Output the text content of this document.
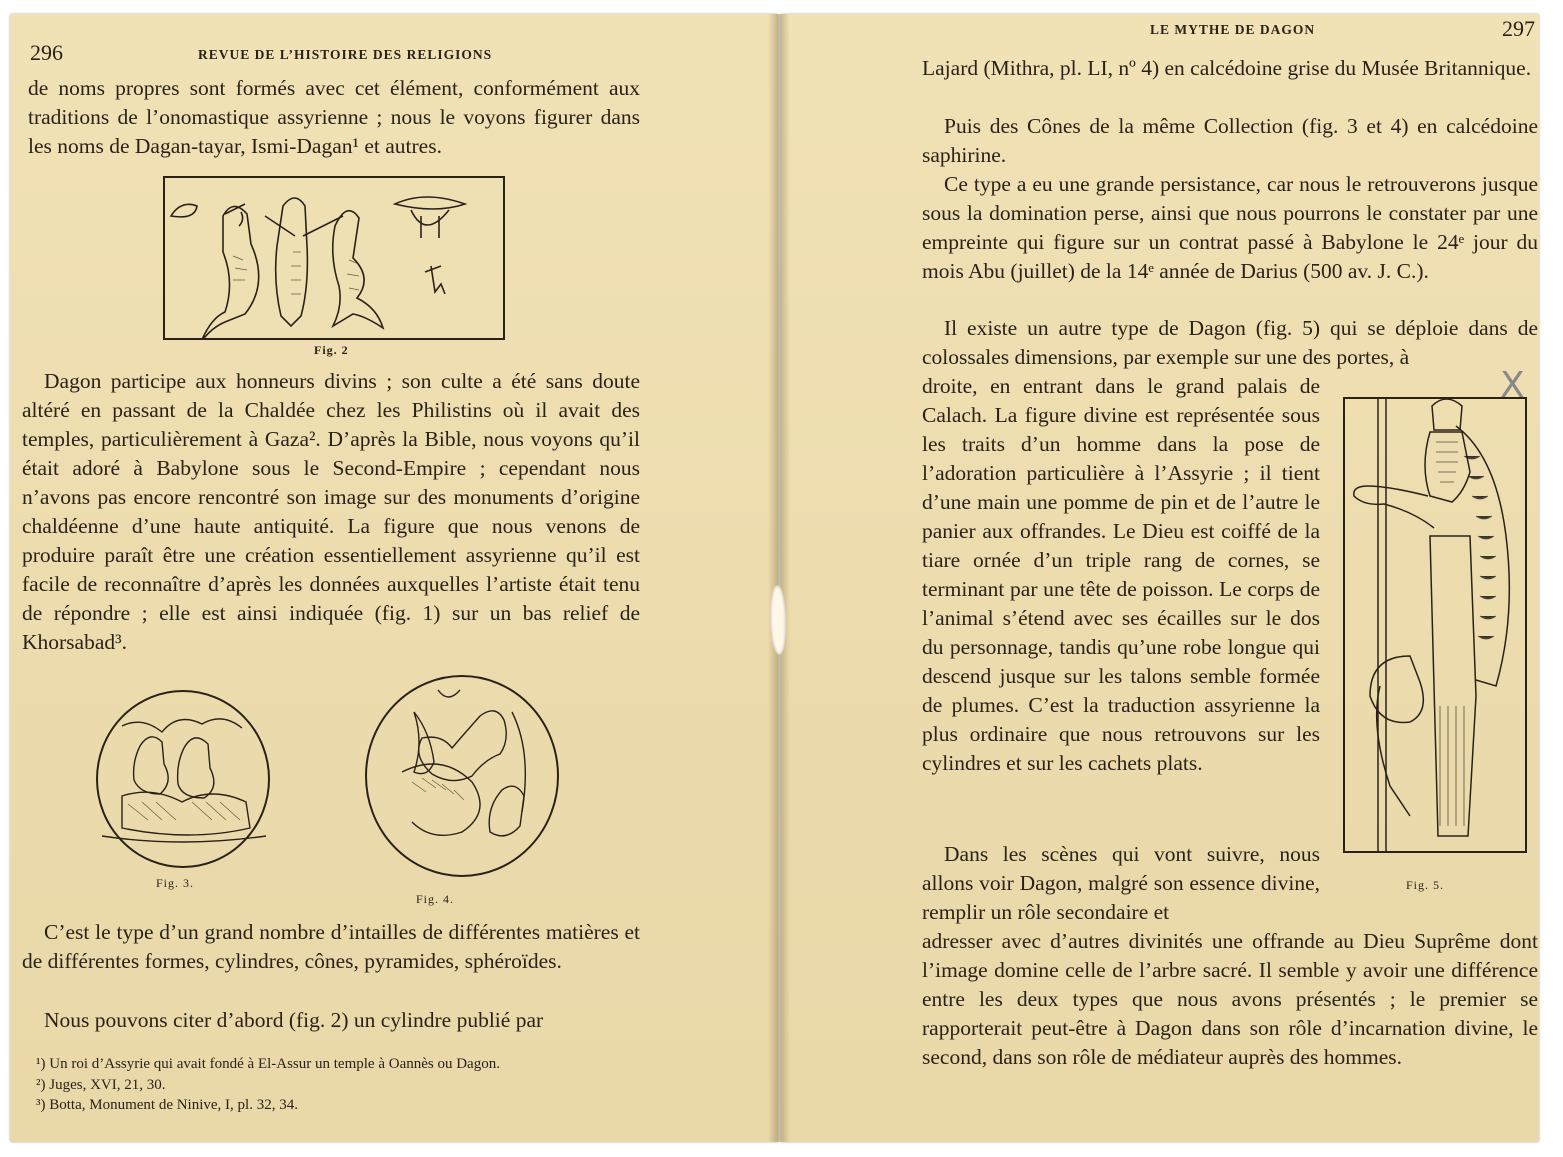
296	REVUE DE L’HISTOIRE DES RELIGIONS

de noms propres sont formés avec cet élément, conformément aux traditions de l’onomastique assyrienne ; nous le voyons figurer dans les noms de Dagan-tayar, Ismi-Dagan¹ et autres.

Fig. 2

Dagon participe aux honneurs divins ; son culte a été sans doute altéré en passant de la Chaldée chez les Philistins où il avait des temples, particulièrement à Gaza². D’après la Bible, nous voyons qu’il était adoré à Babylone sous le Second-Empire ; cependant nous n’avons pas encore rencontré son image sur des monuments d’origine chaldéenne d’une haute antiquité. La figure que nous venons de produire paraît être une création essentiellement assyrienne qu’il est facile de reconnaître d’après les données auxquelles l’artiste était tenu de répondre ; elle est ainsi indiquée (fig. 1) sur un bas relief de Khorsabad³.

Fig. 3.
Fig. 4.

C’est le type d’un grand nombre d’intailles de différentes matières et de différentes formes, cylindres, cônes, pyramides, sphéroïdes.

Nous pouvons citer d’abord (fig. 2) un cylindre publié par

¹) Un roi d’Assyrie qui avait fondé à El-Assur un temple à Oannès ou Dagon.

²) Juges, XVI, 21, 30.

³) Botta, Monument de Ninive, I, pl. 32, 34.

LE MYTHE DE DAGON	297

Lajard (Mithra, pl. LI, nº 4) en calcédoine grise du Musée Britannique.

Puis des Cônes de la même Collection (fig. 3 et 4) en calcédoine saphirine.

Ce type a eu une grande persistance, car nous le retrouverons jusque sous la domination perse, ainsi que nous pourrons le constater par une empreinte qui figure sur un contrat passé à Babylone le 24ᵉ jour du mois Abu (juillet) de la 14ᵉ année de Darius (500 av. J. C.).

Il existe un autre type de Dagon (fig. 5) qui se déploie dans de colossales dimensions, par exemple sur une des portes, à

droite, en entrant dans le grand palais de Calach. La figure divine est représentée sous les traits d’un homme dans la pose de l’adoration particulière à l’Assyrie ; il tient d’une main une pomme de pin et de l’autre le panier aux offrandes. Le Dieu est coiffé de la tiare ornée d’un triple rang de cornes, se terminant par une tête de poisson. Le corps de l’animal s’étend avec ses écailles sur le dos du personnage, tandis qu’une robe longue qui descend jusque sur les talons semble formée de plumes. C’est la traduction assyrienne la plus ordinaire que nous retrouvons sur les cylindres et sur les cachets plats.

Dans les scènes qui vont suivre, nous allons voir Dagon, malgré son essence divine, remplir un rôle secondaire et

adresser avec d’autres divinités une offrande au Dieu Suprême dont l’image domine celle de l’arbre sacré. Il semble y avoir une différence entre les deux types que nous avons présentés ; le premier se rapporterait peut-être à Dagon dans son rôle d’incarnation divine, le second, dans son rôle de médiateur auprès des hommes.

Fig. 5.
X
